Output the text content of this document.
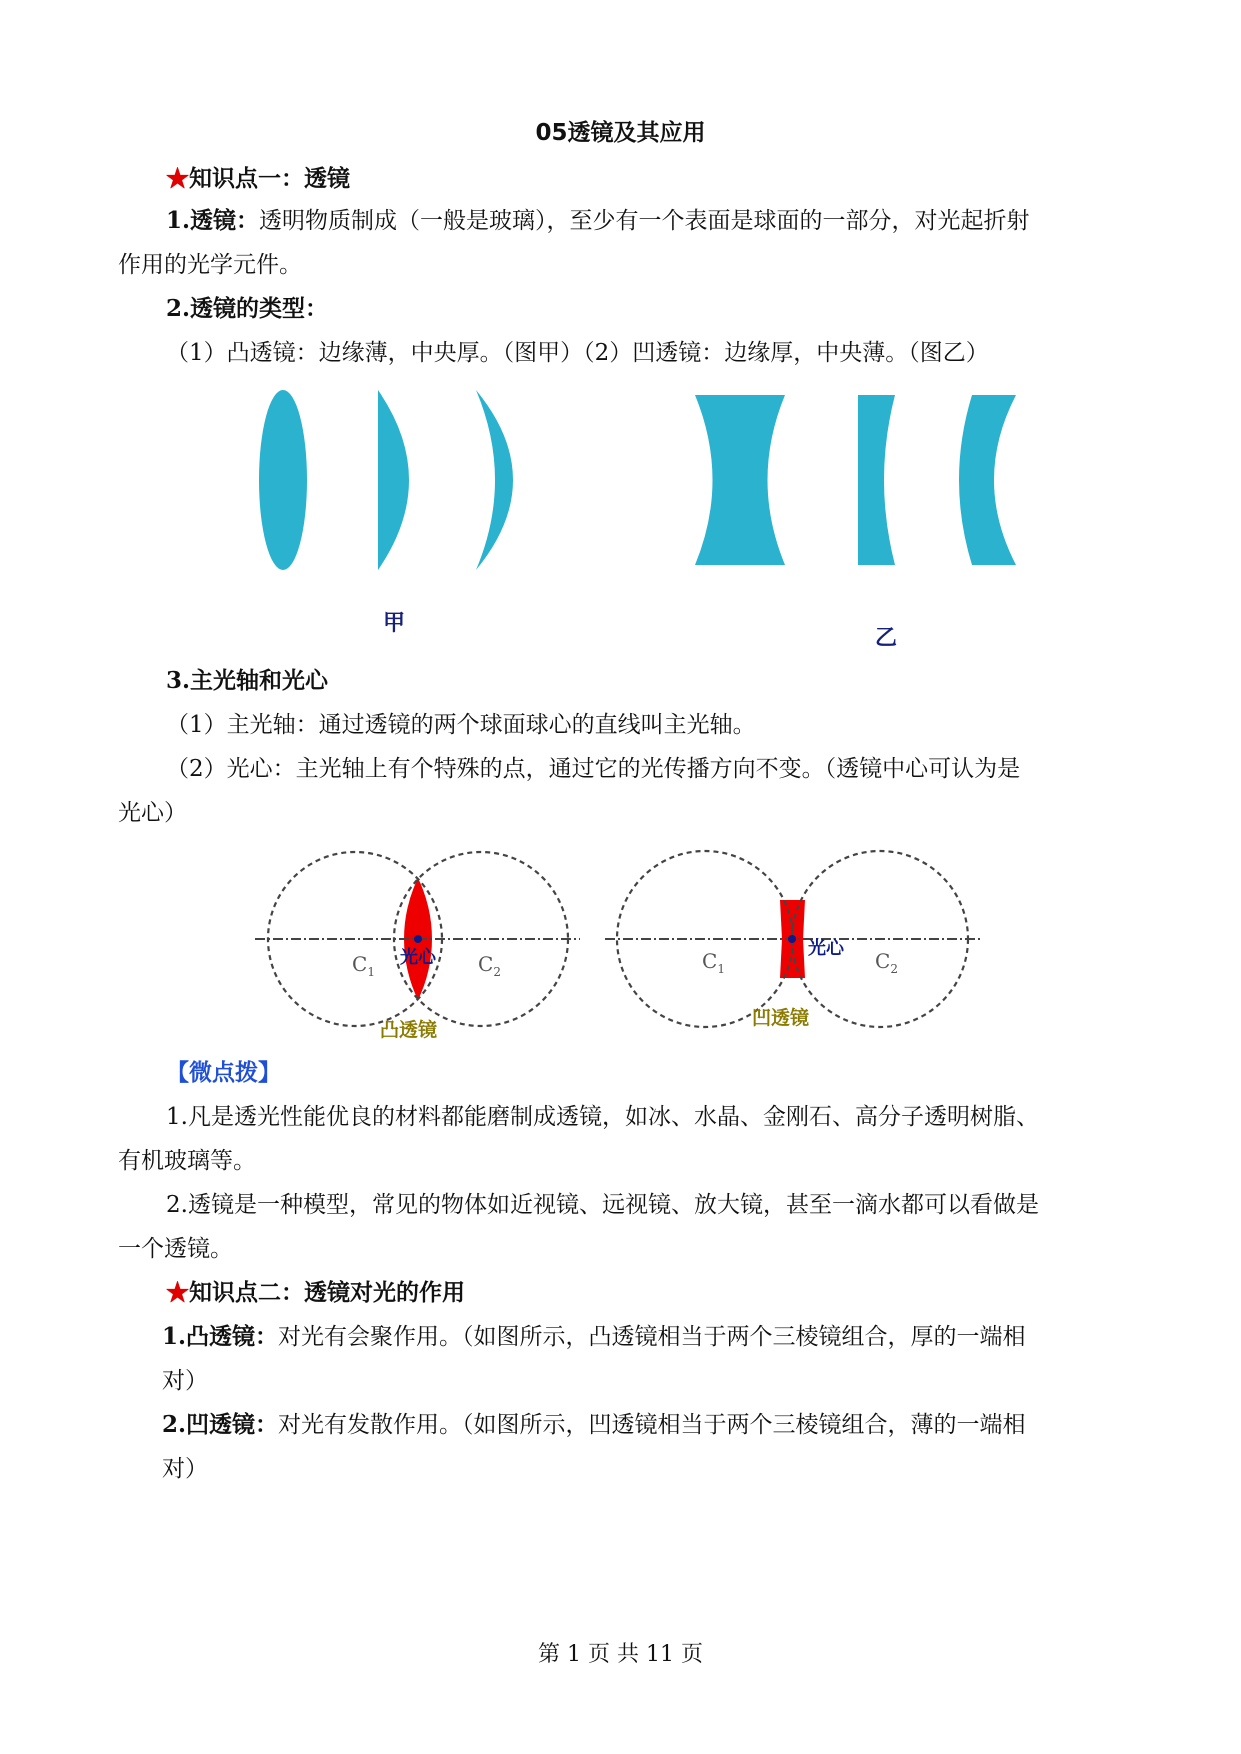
05透镜及其应用
★知识点一：透镜
1.透镜：透明物质制成（一般是玻璃），至少有一个表面是球面的一部分，对光起折射
作用的光学元件。
2.透镜的类型：
（1）凸透镜：边缘薄，中央厚。（图甲）（2）凹透镜：边缘厚，中央薄。（图乙）
甲
乙
3.主光轴和光心
（1）主光轴：通过透镜的两个球面球心的直线叫主光轴。
（2）光心：主光轴上有个特殊的点，通过它的光传播方向不变。（透镜中心可认为是
光心）
$C_1$	$C_2$	$C_1$	$C_2$
光心	光心
凸透镜
凹透镜
【微点拨】
1.凡是透光性能优良的材料都能磨制成透镜，如冰、水晶、金刚石、高分子透明树脂、
有机玻璃等。
2.透镜是一种模型，常见的物体如近视镜、远视镜、放大镜，甚至一滴水都可以看做是
一个透镜。
★知识点二：透镜对光的作用
1.凸透镜：对光有会聚作用。（如图所示，凸透镜相当于两个三棱镜组合，厚的一端相
对）
2.凹透镜：对光有发散作用。（如图所示，凹透镜相当于两个三棱镜组合，薄的一端相
对）
第 1 页 共 11 页
